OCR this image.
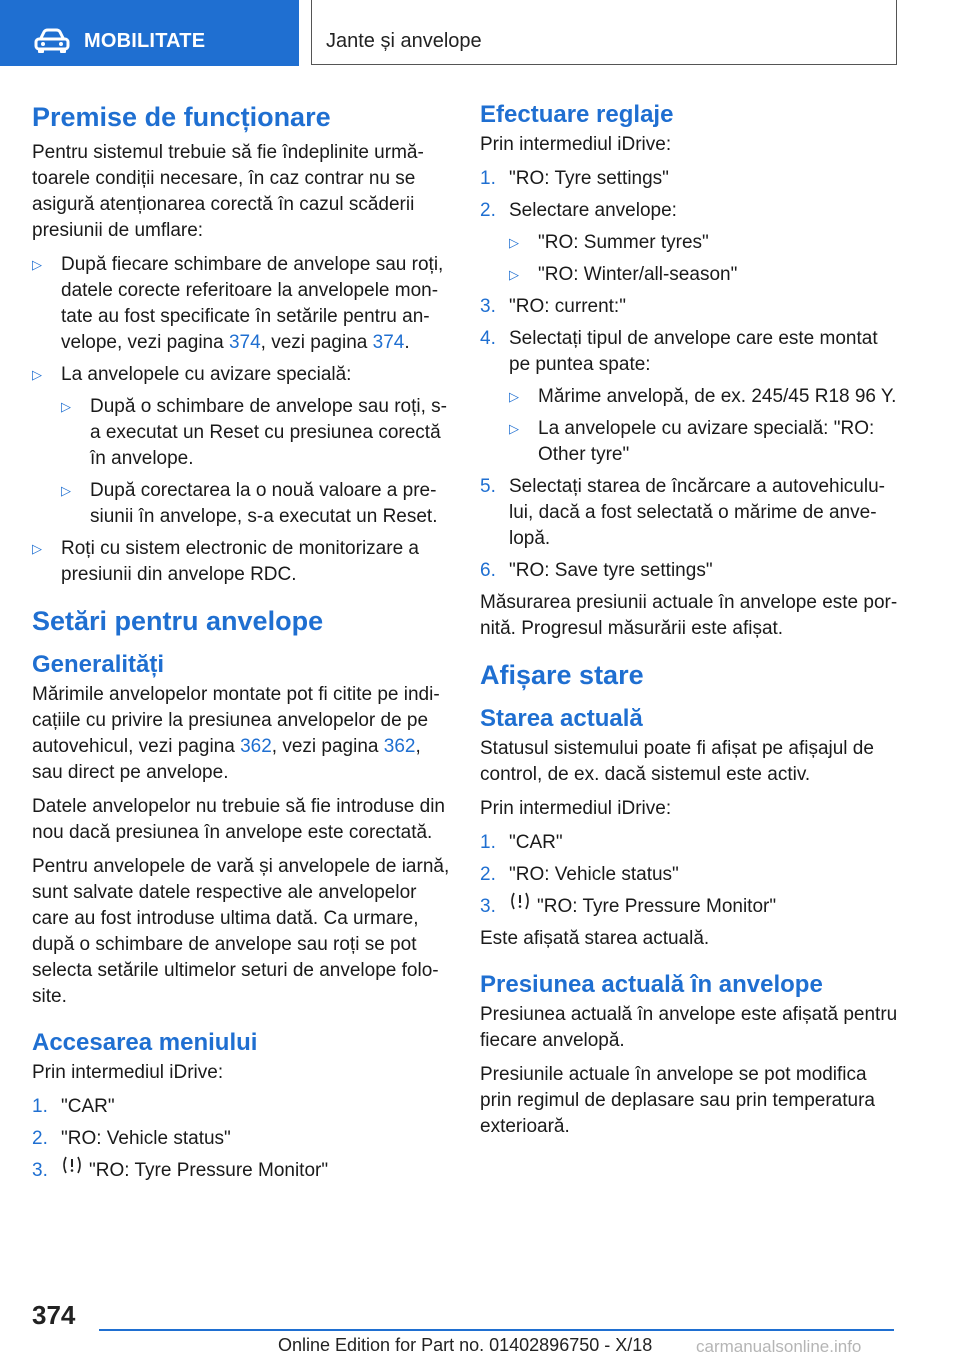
MOBILITATE	Jante și anvelope
Premise de funcționare

Pentru sistemul trebuie să fie îndeplinite următoarele condiții necesare, în caz contrar nu se asigură atenționarea corectă în cazul scăderii presiunii de umflare:

▷ După fiecare schimbare de anvelope sau roți, datele corecte referitoare la anvelopele montate au fost specificate în setările pentru anvelope, vezi pagina 374, vezi pagina 374.
▷ La anvelopele cu avizare specială:
▷ După o schimbare de anvelope sau roți, s-a executat un Reset cu presiunea corectă în anvelope.
▷ După corectarea la o nouă valoare a presiunii în anvelope, s-a executat un Reset.
▷ Roți cu sistem electronic de monitorizare a presiunii din anvelope RDC.
Setări pentru anvelope
Generalități

Mărimile anvelopelor montate pot fi citite pe indicațiile cu privire la presiunea anvelopelor de pe autovehicul, vezi pagina 362, vezi pagina 362, sau direct pe anvelope.

Datele anvelopelor nu trebuie să fie introduse din nou dacă presiunea în anvelope este corectată.

Pentru anvelopele de vară și anvelopele de iarnă, sunt salvate datele respective ale anvelopelor care au fost introduse ultima dată. Ca urmare, după o schimbare de anvelope sau roți se pot selecta setările ultimelor seturi de anvelope folosite.

Accesarea meniului

Prin intermediul iDrive:

1. "CAR"
2. "RO: Vehicle status"
3. "RO: Tyre Pressure Monitor"
Efectuare reglaje

Prin intermediul iDrive:

1. "RO: Tyre settings"
2. Selectare anvelope:
▷ "RO: Summer tyres"
▷ "RO: Winter/all-season"
3. "RO: current:"
4. Selectați tipul de anvelope care este montat pe puntea spate:
▷ Mărime anvelopă, de ex. 245/45 R18 96 Y.
▷ La anvelopele cu avizare specială: "RO: Other tyre"
5. Selectați starea de încărcare a autovehiculului, dacă a fost selectată o mărime de anvelopă.
6. "RO: Save tyre settings"

Măsurarea presiunii actuale în anvelope este pornită. Progresul măsurării este afișat.

Afișare stare
Starea actuală

Statusul sistemului poate fi afișat pe afișajul de control, de ex. dacă sistemul este activ.

Prin intermediul iDrive:

1. "CAR"
2. "RO: Vehicle status"
3. "RO: Tyre Pressure Monitor"

Este afișată starea actuală.

Presiunea actuală în anvelope

Presiunea actuală în anvelope este afișată pentru fiecare anvelopă.

Presiunile actuale în anvelope se pot modifica prin regimul de deplasare sau prin temperatura exterioară.

374
Online Edition for Part no. 01402896750 - X/18	carmanualsonline.info
